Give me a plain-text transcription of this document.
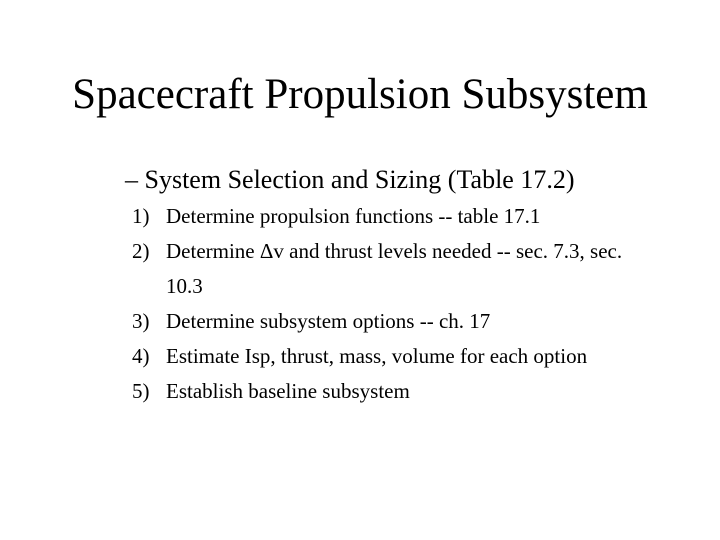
Spacecraft Propulsion Subsystem
– System Selection and Sizing (Table 17.2)
1) Determine propulsion functions -- table 17.1
2) Determine Δv and thrust levels needed -- sec. 7.3, sec. 10.3
3) Determine subsystem options -- ch. 17
4) Estimate Isp, thrust, mass, volume for each option
5) Establish baseline subsystem
